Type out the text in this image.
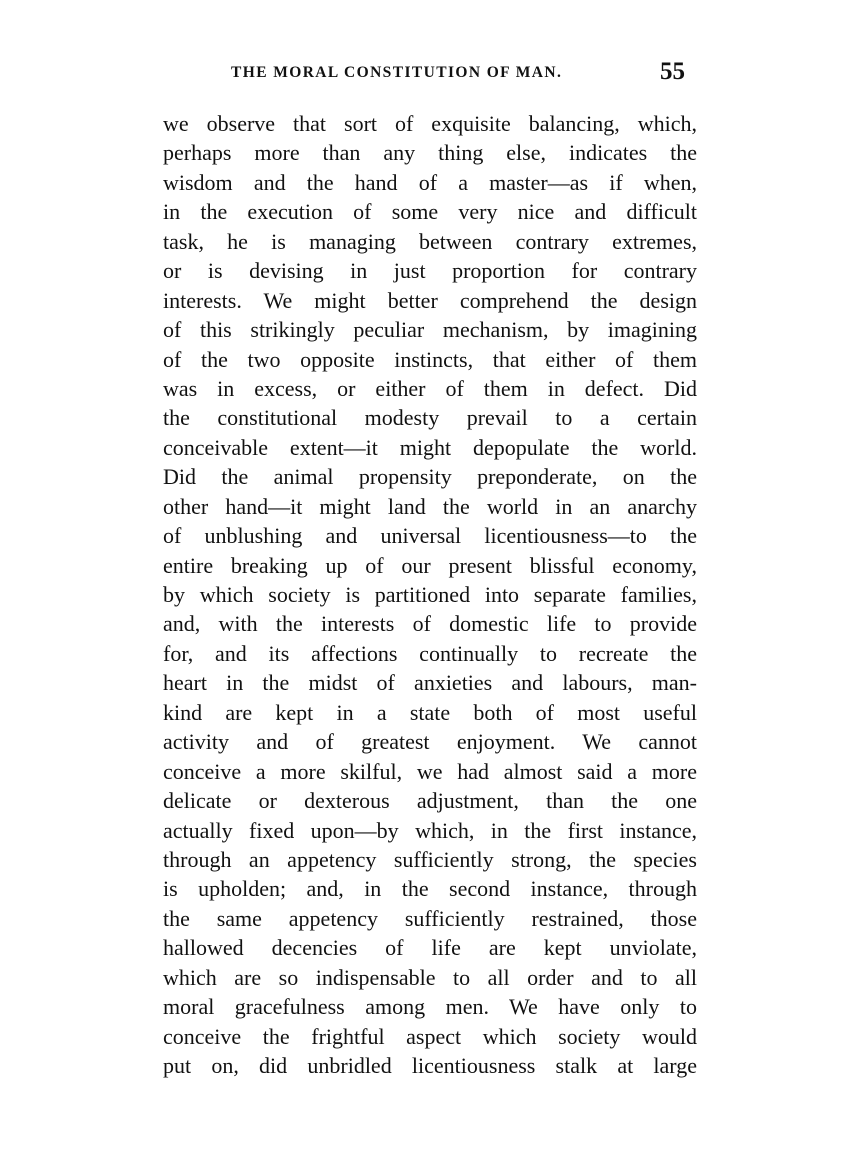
THE MORAL CONSTITUTION OF MAN.	55
we observe that sort of exquisite balancing, which,
perhaps more than any thing else, indicates the
wisdom and the hand of a master—as if when,
in the execution of some very nice and difficult
task, he is managing between contrary extremes,
or is devising in just proportion for contrary
interests. We might better comprehend the design
of this strikingly peculiar mechanism, by imagining
of the two opposite instincts, that either of them
was in excess, or either of them in defect. Did
the constitutional modesty prevail to a certain
conceivable extent—it might depopulate the world.
Did the animal propensity preponderate, on the
other hand—it might land the world in an anarchy
of unblushing and universal licentiousness—to the
entire breaking up of our present blissful economy,
by which society is partitioned into separate families,
and, with the interests of domestic life to provide
for, and its affections continually to recreate the
heart in the midst of anxieties and labours, man-
kind are kept in a state both of most useful
activity and of greatest enjoyment. We cannot
conceive a more skilful, we had almost said a more
delicate or dexterous adjustment, than the one
actually fixed upon—by which, in the first instance,
through an appetency sufficiently strong, the species
is upholden; and, in the second instance, through
the same appetency sufficiently restrained, those
hallowed decencies of life are kept unviolate,
which are so indispensable to all order and to all
moral gracefulness among men. We have only to
conceive the frightful aspect which society would
put on, did unbridled licentiousness stalk at large
